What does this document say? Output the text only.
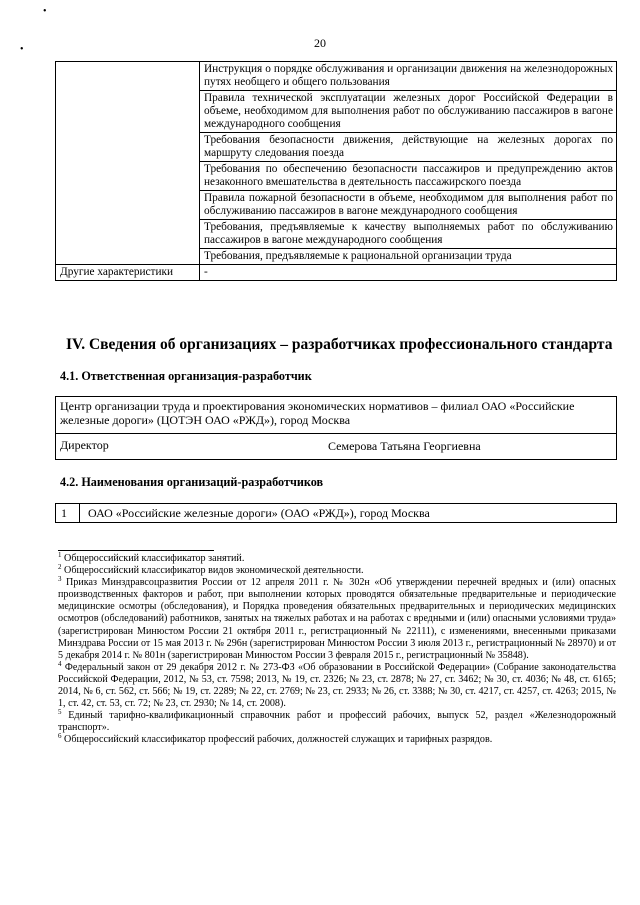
•
•	20
	Инструкция о порядке обслуживания и организации движения на железнодорожных путях необщего и общего пользования
	Правила технической эксплуатации железных дорог Российской Федерации в объеме, необходимом для выполнения работ по обслуживанию пассажиров в вагоне международного сообщения
	Требования безопасности движения, действующие на железных дорогах по маршруту следования поезда
	Требования по обеспечению безопасности пассажиров и предупреждению актов незаконного вмешательства в деятельность пассажирского поезда
	Правила пожарной безопасности в объеме, необходимом для выполнения работ по обслуживанию пассажиров в вагоне международного сообщения
	Требования, предъявляемые к качеству выполняемых работ по обслуживанию пассажиров в вагоне международного сообщения
	Требования, предъявляемые к рациональной организации труда
Другие характеристики	-
IV. Сведения об организациях – разработчиках профессионального стандарта
4.1. Ответственная организация-разработчик
Центр организации труда и проектирования экономических нормативов – филиал ОАО «Российские железные дороги» (ЦОТЭН ОАО «РЖД»), город Москва
Директор	Семерова Татьяна Георгиевна
4.2. Наименования организаций-разработчиков
1 ОАО «Российские железные дороги» (ОАО «РЖД»), город Москва
$^1$ Общероссийский классификатор занятий.
$^2$ Общероссийский классификатор видов экономической деятельности.
$^3$ Приказ Минздравсоцразвития России от 12 апреля 2011 г. № 302н «Об утверждении перечней вредных и (или) опасных производственных факторов и работ, при выполнении которых проводятся обязательные предварительные и периодические медицинские осмотры (обследования), и Порядка проведения обязательных предварительных и периодических медицинских осмотров (обследований) работников, занятых на тяжелых работах и на работах с вредными и (или) опасными условиями труда» (зарегистрирован Минюстом России 21 октября 2011 г., регистрационный № 22111), с изменениями, внесенными приказами Минздрава России от 15 мая 2013 г. № 296н (зарегистрирован Минюстом России 3 июля 2013 г., регистрационный № 28970) и от 5 декабря 2014 г. № 801н (зарегистрирован Минюстом России 3 февраля 2015 г., регистрационный № 35848).
$^4$ Федеральный закон от 29 декабря 2012 г. № 273-ФЗ «Об образовании в Российской Федерации» (Собрание законодательства Российской Федерации, 2012, № 53, ст. 7598; 2013, № 19, ст. 2326; № 23, ст. 2878; № 27, ст. 3462; № 30, ст. 4036; № 48, ст. 6165; 2014, № 6, ст. 562, ст. 566; № 19, ст. 2289; № 22, ст. 2769; № 23, ст. 2933; № 26, ст. 3388; № 30, ст. 4217, ст. 4257, ст. 4263; 2015, № 1, ст. 42, ст. 53, ст. 72; № 23, ст. 2930; № 14, ст. 2008).
$^5$ Единый тарифно-квалификационный справочник работ и профессий рабочих, выпуск 52, раздел «Железнодорожный транспорт».
$^6$ Общероссийский классификатор профессий рабочих, должностей служащих и тарифных разрядов.
